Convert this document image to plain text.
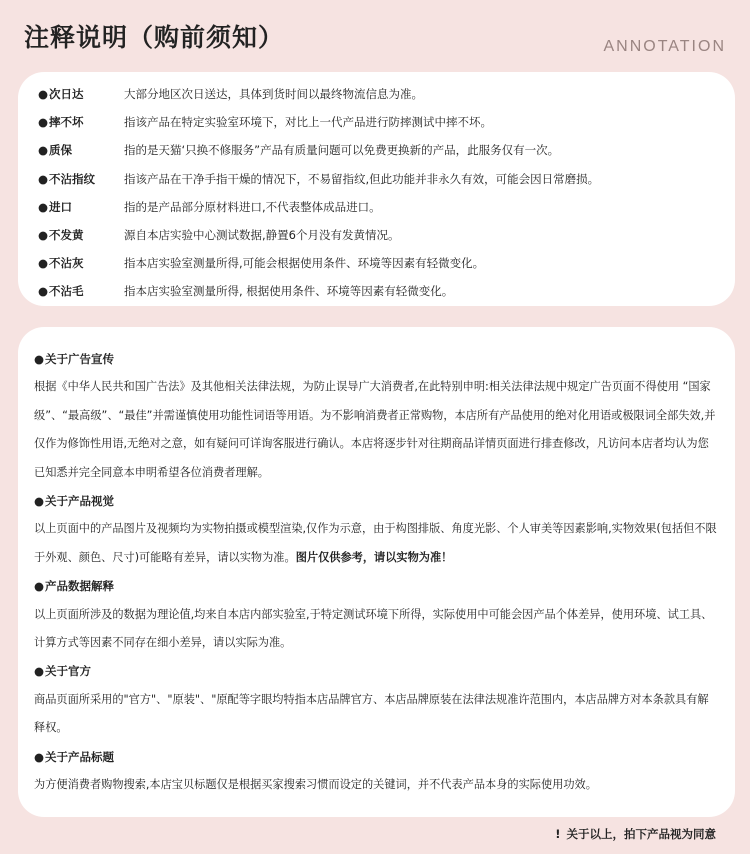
注释说明（购前须知）	ANNOTATION
● 次日达	大部分地区次日送达，具体到货时间以最终物流信息为准。
● 摔不坏	指该产品在特定实验室环境下，对比上一代产品进行防摔测试中摔不坏。
● 质保	指的是天猫‘只换不修服务”产品有质量问题可以免费更换新的产品，此服务仅有一次。
● 不沾指纹	指该产品在干净手指干燥的情况下，不易留指纹,但此功能并非永久有效，可能会因日常磨损。
● 进口	指的是产品部分原材料进口,不代表整体成品进口。
● 不发黄	源自本店实验中心测试数据,静置6个月没有发黄情况。
● 不沾灰	指本店实验室测量所得,可能会根据使用条件、环境等因素有轻微变化。
● 不沾毛	指本店实验室测量所得, 根据使用条件、环境等因素有轻微变化。
● 关于广告宣传
根据《中华人民共和国广告法》及其他相关法律法规，为防止误导广大消费者,在此特别申明:相关法律法规中规定广告页面不得使用 “国家级”、“最高级”、“最佳”并需谨慎使用功能性词语等用语。为不影响消费者正常购物，本店所有产品使用的绝对化用语或极限词全部失效,并仅作为修饰性用语,无绝对之意，如有疑问可详询客服进行确认。本店将逐步针对往期商品详情页面进行排查修改，凡访问本店者均认为您已知悉并完全同意本申明希望各位消费者理解。
● 关于产品视觉
以上页面中的产品图片及视频均为实物拍摄或模型渲染,仅作为示意，由于构图排版、角度光影、个人审美等因素影响,实物效果(包括但不限于外观、颜色、尺寸)可能略有差异，请以实物为准。图片仅供参考，请以实物为准！
● 产品数据解释
以上页面所涉及的数据为理论值,均来自本店内部实验室,于特定测试环境下所得，实际使用中可能会因产品个体差异，使用环境、试工具、计算方式等因素不同存在细小差异，请以实际为准。
● 关于官方
商品页面所采用的"官方"、"原装"、"原配等字眼均特指本店品牌官方、本店品牌原装在法律法规准许范围内，本店品牌方对本条款具有解释权。
● 关于产品标题
为方便消费者购物搜索,本店宝贝标题仅是根据买家搜索习惯而设定的关键词，并不代表产品本身的实际使用功效。
! 关于以上，拍下产品视为同意
